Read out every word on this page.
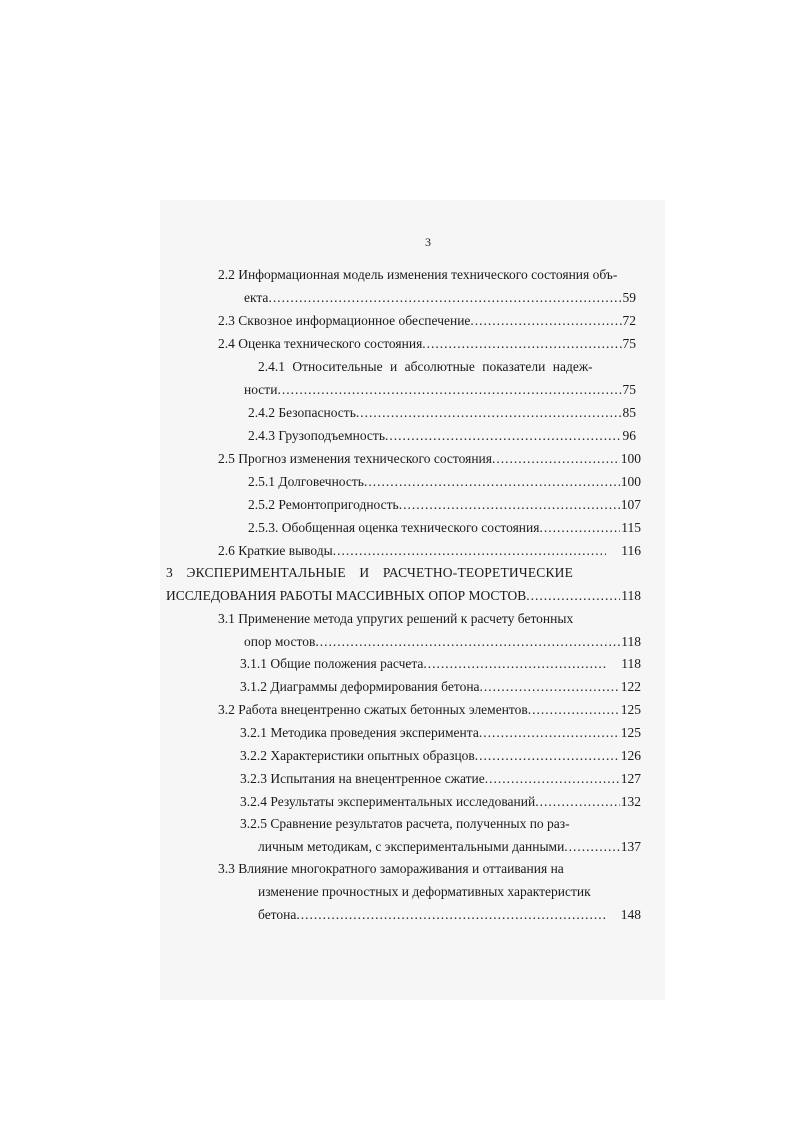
3
2.2 Информационная модель изменения технического состояния объ-
екта .....	59
2.3 Сквозное информационное обеспечение .....	72
2.4 Оценка технического состояния .....	75
2.4.1 Относительные и абсолютные показатели надеж-
ности .....	75
2.4.2 Безопасность .....	85
2.4.3 Грузоподъемность .....	96
2.5 Прогноз изменения технического состояния .....	100
2.5.1 Долговечность .....	100
2.5.2 Ремонтопригодность .....	107
2.5.3. Обобщенная оценка технического состояния .....	115
2.6 Краткие выводы .....	116
3 ЭКСПЕРИМЕНТАЛЬНЫЕ И РАСЧЕТНО-ТЕОРЕТИЧЕСКИЕ
ИССЛЕДОВАНИЯ РАБОТЫ МАССИВНЫХ ОПОР МОСТОВ .....	118
3.1 Применение метода упругих решений к расчету бетонных
опор мостов .....	118
3.1.1 Общие положения расчета .....	118
3.1.2 Диаграммы деформирования бетона .....	122
3.2 Работа внецентренно сжатых бетонных элементов .....	125
3.2.1 Методика проведения эксперимента .....	125
3.2.2 Характеристики опытных образцов .....	126
3.2.3 Испытания на внецентренное сжатие .....	127
3.2.4 Результаты экспериментальных исследований .....	132
3.2.5 Сравнение результатов расчета, полученных по раз-
личным методикам, с экспериментальными данными .....	137
3.3 Влияние многократного замораживания и оттаивания на
изменение прочностных и деформативных характеристик
бетона .....	148
